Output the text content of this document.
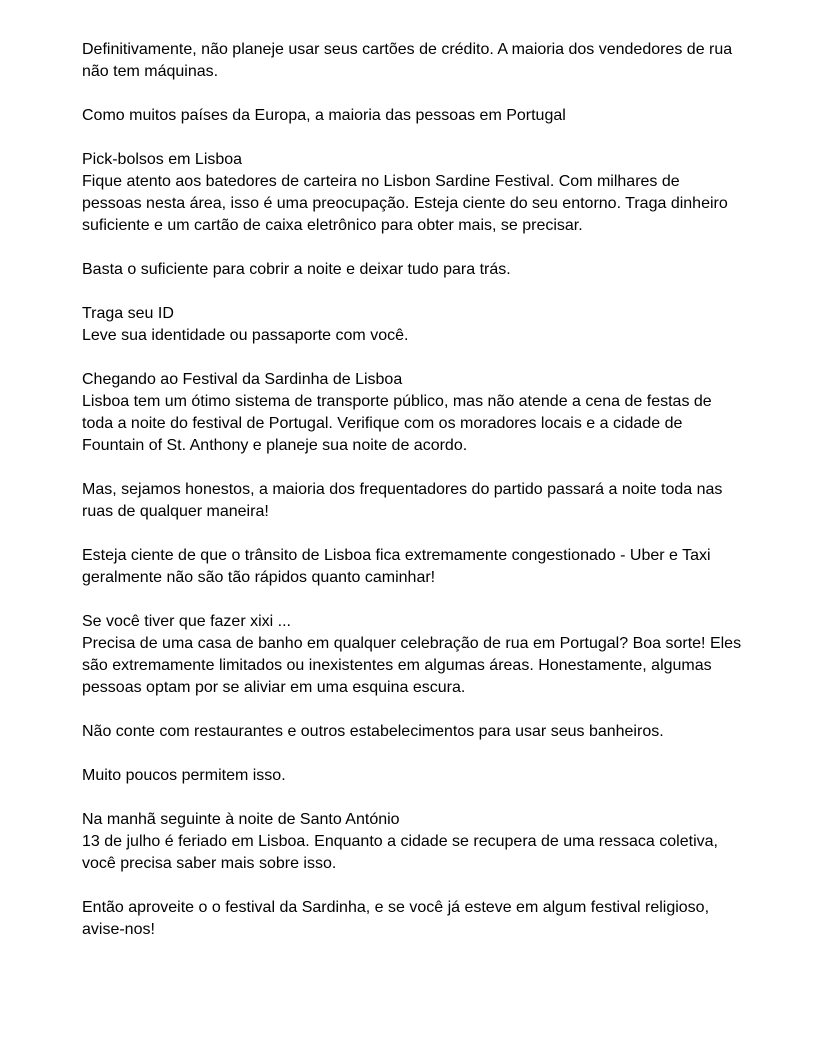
Definitivamente, não planeje usar seus cartões de crédito. A maioria dos vendedores de rua não tem máquinas.

Como muitos países da Europa, a maioria das pessoas em Portugal

Pick-bolsos em Lisboa

Fique atento aos batedores de carteira no Lisbon Sardine Festival. Com milhares de pessoas nesta área, isso é uma preocupação. Esteja ciente do seu entorno. Traga dinheiro suficiente e um cartão de caixa eletrônico para obter mais, se precisar.

Basta o suficiente para cobrir a noite e deixar tudo para trás.

Traga seu ID

Leve sua identidade ou passaporte com você.

Chegando ao Festival da Sardinha de Lisboa

Lisboa tem um ótimo sistema de transporte público, mas não atende a cena de festas de toda a noite do festival de Portugal. Verifique com os moradores locais e a cidade de Fountain of St. Anthony e planeje sua noite de acordo.

Mas, sejamos honestos, a maioria dos frequentadores do partido passará a noite toda nas ruas de qualquer maneira!

Esteja ciente de que o trânsito de Lisboa fica extremamente congestionado - Uber e Taxi geralmente não são tão rápidos quanto caminhar!

Se você tiver que fazer xixi ...

Precisa de uma casa de banho em qualquer celebração de rua em Portugal? Boa sorte! Eles são extremamente limitados ou inexistentes em algumas áreas. Honestamente, algumas pessoas optam por se aliviar em uma esquina escura.

Não conte com restaurantes e outros estabelecimentos para usar seus banheiros.

Muito poucos permitem isso.

Na manhã seguinte à noite de Santo António

13 de julho é feriado em Lisboa. Enquanto a cidade se recupera de uma ressaca coletiva, você precisa saber mais sobre isso.

Então aproveite o o festival da Sardinha, e se você já esteve em algum festival religioso, avise-nos!
